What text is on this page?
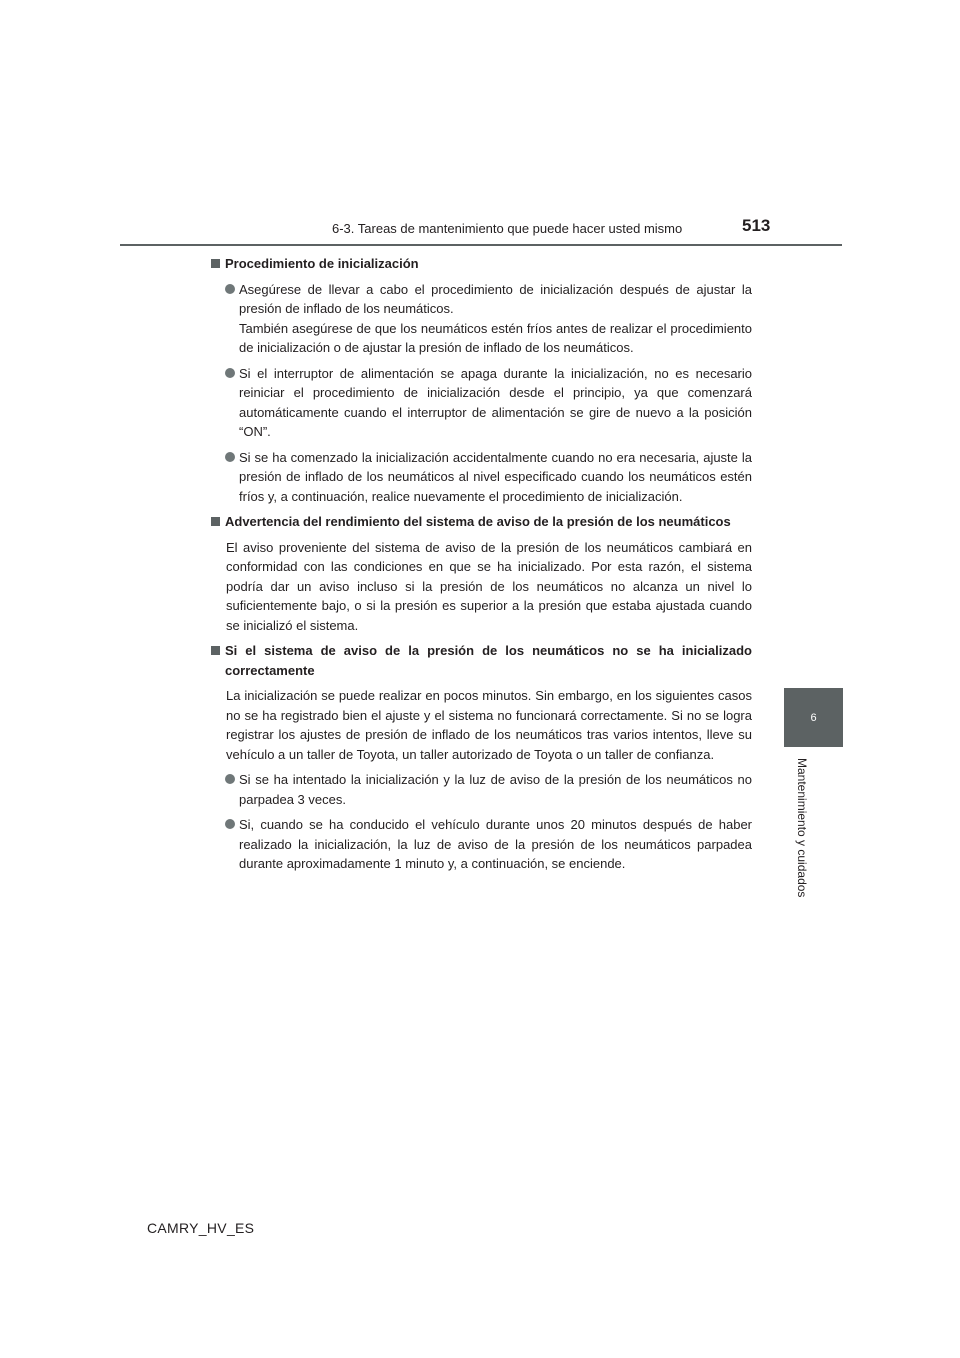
6-3. Tareas de mantenimiento que puede hacer usted mismo	513
6
Mantenimiento y cuidados
Procedimiento de inicialización
Asegúrese de llevar a cabo el procedimiento de inicialización después de ajustar la presión de inflado de los neumáticos.
También asegúrese de que los neumáticos estén fríos antes de realizar el procedimiento de inicialización o de ajustar la presión de inflado de los neumáticos.
Si el interruptor de alimentación se apaga durante la inicialización, no es necesario reiniciar el procedimiento de inicialización desde el principio, ya que comenzará automáticamente cuando el interruptor de alimentación se gire de nuevo a la posición “ON”.
Si se ha comenzado la inicialización accidentalmente cuando no era necesaria, ajuste la presión de inflado de los neumáticos al nivel especificado cuando los neumáticos estén fríos y, a continuación, realice nuevamente el procedimiento de inicialización.
Advertencia del rendimiento del sistema de aviso de la presión de los neumáticos
El aviso proveniente del sistema de aviso de la presión de los neumáticos cambiará en conformidad con las condiciones en que se ha inicializado. Por esta razón, el sistema podría dar un aviso incluso si la presión de los neumáticos no alcanza un nivel lo suficientemente bajo, o si la presión es superior a la presión que estaba ajustada cuando se inicializó el sistema.
Si el sistema de aviso de la presión de los neumáticos no se ha inicializado correctamente
La inicialización se puede realizar en pocos minutos. Sin embargo, en los siguientes casos no se ha registrado bien el ajuste y el sistema no funcionará correctamente. Si no se logra registrar los ajustes de presión de inflado de los neumáticos tras varios intentos, lleve su vehículo a un taller de Toyota, un taller autorizado de Toyota o un taller de confianza.
Si se ha intentado la inicialización y la luz de aviso de la presión de los neumáticos no parpadea 3 veces.
Si, cuando se ha conducido el vehículo durante unos 20 minutos después de haber realizado la inicialización, la luz de aviso de la presión de los neumáticos parpadea durante aproximadamente 1 minuto y, a continuación, se enciende.
CAMRY_HV_ES
